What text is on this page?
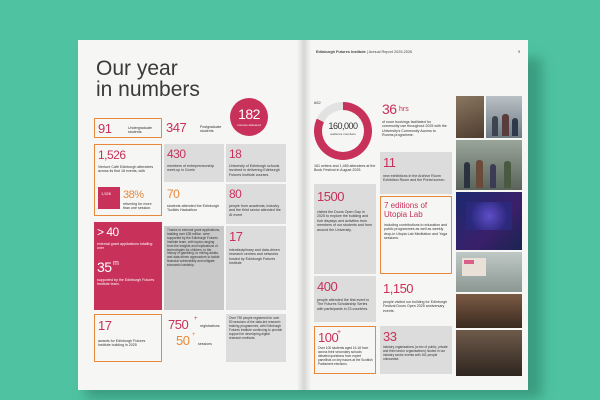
Our year
in numbers
182
courses delivered
91	Undergraduate students	347	Postgraduate students
1,526
Venture Café Edinburgh attendees across its first 18 events, with
1,526 38%
returning for more than one session.
430
members of entrepreneurship meet-up in Gorrie
18
University of Edinburgh schools involved in delivering Edinburgh Futures Institute courses
70
students attended the Edinburgh Toolkits Hackathon
80
people from academia, industry and the third sector attended the AI event
> 40
external grant applications totalling over
35 m
supported by the Edinburgh Futures Institute team.
Thanks to external grant applications, totalling over £35 million, were supported by the Edinburgh Futures Institute team, with topics ranging from the insights and implications of technologies for children, to the history of gambling, to mining adults, and data-driven approaches to tackle financial vulnerability and mitigate economic hardship.
17
interdisciplinary and data-driven research centres and networks hosted by Edinburgh Futures Institute
17
awards for Edinburgh Futures Institute building in 2025
750 +
registrations
50 +
sessions
Over 750 people registered for over 50 sessions of the data-led research training programmes, with Edinburgh Futures Institute continuing to provide support for developing digital research methods.
Edinburgh Futures Institute | Annual Report 2025-2026	9
682
160,000
audience members
161 writers and 1,465 attendees at the Book Festival in August 2025.
36 hrs
of room bookings facilitated for community use throughout 2025 with the University's Community Access to Rooms programme.
11
new exhibitions in the Archive Room Exhibition Room and the Portal screen.
1500
visited the Doors Open Day in 2025 to explore the building and hub displays and activities from members of our students and from around the University.
7 editions of Utopia Lab
including contributions to education and public programmes as well as weekly drop-in Utopia Lab Meditation and Yoga sessions.
400
people attended the first event in The Futures Scholarship Series with participants in 23 countries.
1,150
people visited our building for Edinburgh Festival Doors Open 2025 anniversary events.
100
+
Over 100 students aged 16-18 from across their secondary schools debated questions from expert panellists on key issues at the Scottish Parliament elections.
33
industry organisations (a mix of public, private and third sector organisations) hosted in our industry sector events with 161 people onboarded.
